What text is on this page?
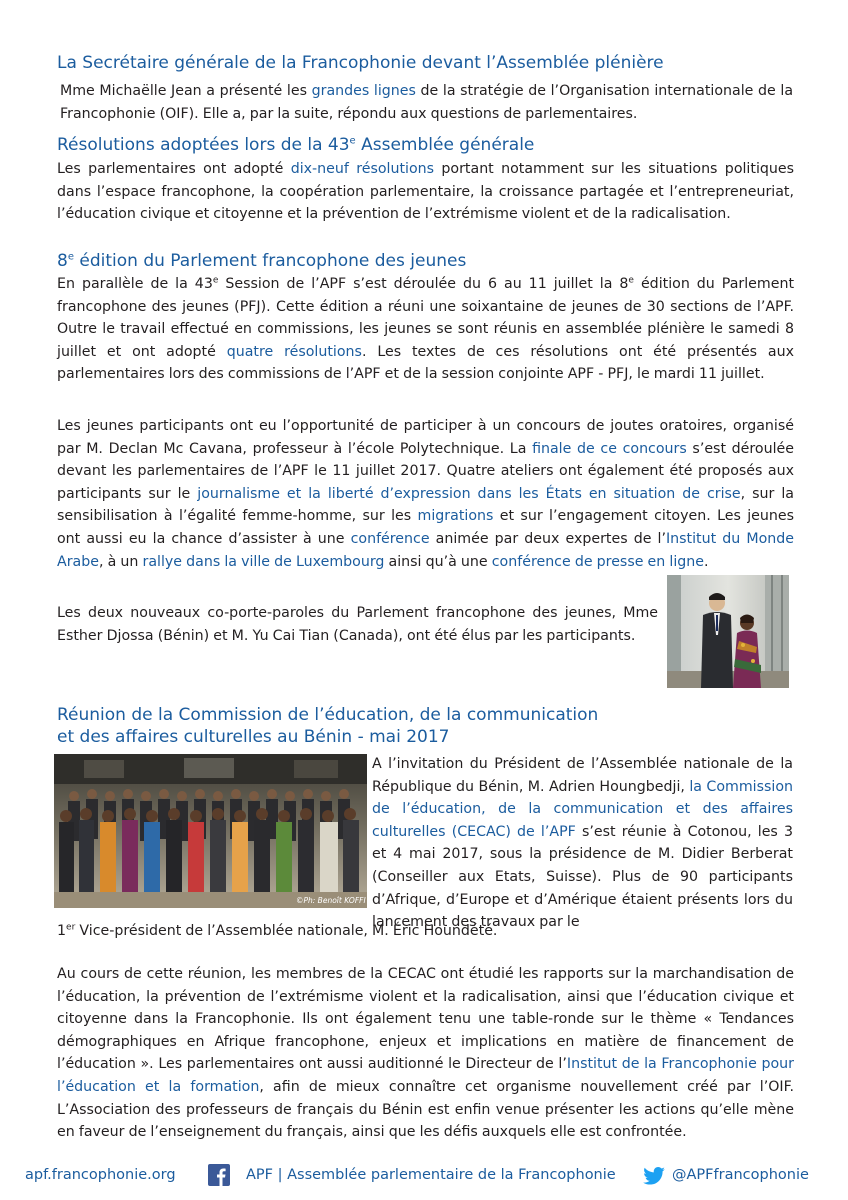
La Secrétaire générale de la Francophonie devant l’Assemblée plénière

Mme Michaëlle Jean a présenté les grandes lignes de la stratégie de l’Organisation internationale de la Francophonie (OIF). Elle a, par la suite, répondu aux questions de parlementaires.

Résolutions adoptées lors de la 43e Assemblée générale

Les parlementaires ont adopté dix-neuf résolutions portant notamment sur les situations politiques dans l’espace francophone, la coopération parlementaire, la croissance partagée et l’entrepreneuriat, l’éducation civique et citoyenne et la prévention de l’extrémisme violent et de la radicalisation.

8e édition du Parlement francophone des jeunes

En parallèle de la 43e Session de l’APF s’est déroulée du 6 au 11 juillet la 8e édition du Parlement francophone des jeunes (PFJ). Cette édition a réuni une soixantaine de jeunes de 30 sections de l’APF. Outre le travail effectué en commissions, les jeunes se sont réunis en assemblée plénière le samedi 8 juillet et ont adopté quatre résolutions. Les textes de ces résolutions ont été présentés aux parlementaires lors des commissions de l’APF et de la session conjointe APF - PFJ, le mardi 11 juillet.

Les jeunes participants ont eu l’opportunité de participer à un concours de joutes oratoires, organisé par M. Declan Mc Cavana, professeur à l’école Polytechnique. La finale de ce concours s’est déroulée devant les parlementaires de l’APF le 11 juillet 2017. Quatre ateliers ont également été proposés aux participants sur le journalisme et la liberté d’expression dans les États en situation de crise, sur la sensibilisation à l’égalité femme-homme, sur les migrations et sur l’engagement citoyen. Les jeunes ont aussi eu la chance d’assister à une conférence animée par deux expertes de l’Institut du Monde Arabe, à un rallye dans la ville de Luxembourg ainsi qu’à une conférence de presse en ligne.

Les deux nouveaux co-porte-paroles du Parlement francophone des jeunes, Mme Esther Djossa (Bénin) et M. Yu Cai Tian (Canada), ont été élus par les participants.

Réunion de la Commission de l’éducation, de la communication
et des affaires culturelles au Bénin - mai 2017
©Ph: Benoît KOFFI

A l’invitation du Président de l’Assemblée nationale de la République du Bénin, M. Adrien Houngbedji, la Commission de l’éducation, de la communication et des affaires culturelles (CECAC) de l’APF s’est réunie à Cotonou, les 3 et 4 mai 2017, sous la présidence de M. Didier Berberat (Conseiller aux Etats, Suisse). Plus de 90 participants d’Afrique, d’Europe et d’Amérique étaient présents lors du lancement des travaux par le

1er Vice-président de l’Assemblée nationale, M. Éric Houndété.

Au cours de cette réunion, les membres de la CECAC ont étudié les rapports sur la marchandisation de l’éducation, la prévention de l’extrémisme violent et la radicalisation, ainsi que l’éducation civique et citoyenne dans la Francophonie. Ils ont également tenu une table-ronde sur le thème « Tendances démographiques en Afrique francophone, enjeux et implications en matière de financement de l’éducation ». Les parlementaires ont aussi auditionné le Directeur de l’Institut de la Francophonie pour l’éducation et la formation, afin de mieux connaître cet organisme nouvellement créé par l’OIF. L’Association des professeurs de français du Bénin est enfin venue présenter les actions qu’elle mène en faveur de l’enseignement du français, ainsi que les défis auxquels elle est confrontée.

apf.francophonie.org	APF | Assemblée parlementaire de la Francophonie	@APFfrancophonie
